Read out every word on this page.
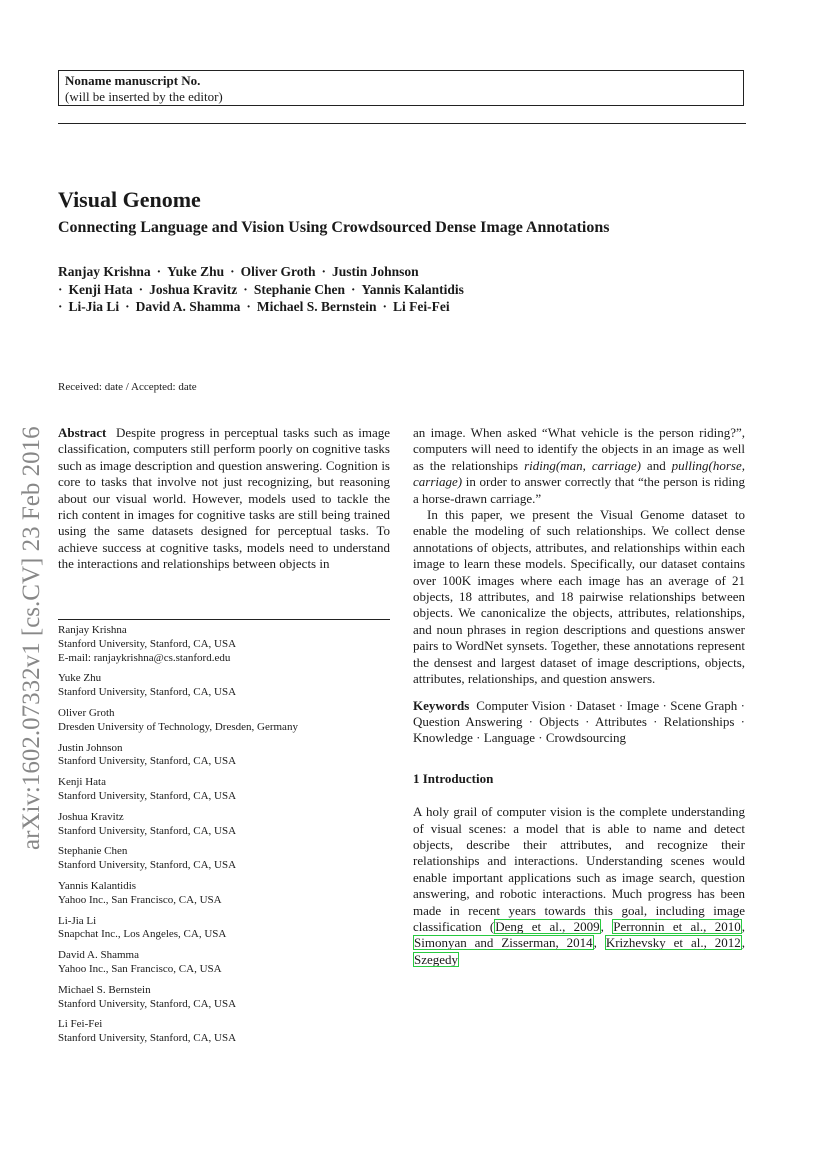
Noname manuscript No.
(will be inserted by the editor)
Visual Genome
Connecting Language and Vision Using Crowdsourced Dense Image Annotations
Ranjay Krishna · Yuke Zhu · Oliver Groth · Justin Johnson
· Kenji Hata · Joshua Kravitz · Stephanie Chen · Yannis Kalantidis
· Li-Jia Li · David A. Shamma · Michael S. Bernstein · Li Fei-Fei
arXiv:1602.07332v1 [cs.CV] 23 Feb 2016
Received: date / Accepted: date

Abstract Despite progress in perceptual tasks such as image classification, computers still perform poorly on cognitive tasks such as image description and question answering. Cognition is core to tasks that involve not just recognizing, but reasoning about our visual world. However, models used to tackle the rich content in images for cognitive tasks are still being trained using the same datasets designed for perceptual tasks. To achieve success at cognitive tasks, models need to understand the interactions and relationships between objects in

Ranjay Krishna
Stanford University, Stanford, CA, USA
E-mail: ranjaykrishna@cs.stanford.edu
Yuke Zhu
Stanford University, Stanford, CA, USA
Oliver Groth
Dresden University of Technology, Dresden, Germany
Justin Johnson
Stanford University, Stanford, CA, USA
Kenji Hata
Stanford University, Stanford, CA, USA
Joshua Kravitz
Stanford University, Stanford, CA, USA
Stephanie Chen
Stanford University, Stanford, CA, USA
Yannis Kalantidis
Yahoo Inc., San Francisco, CA, USA
Li-Jia Li
Snapchat Inc., Los Angeles, CA, USA
David A. Shamma
Yahoo Inc., San Francisco, CA, USA
Michael S. Bernstein
Stanford University, Stanford, CA, USA
Li Fei-Fei
Stanford University, Stanford, CA, USA

an image. When asked “What vehicle is the person riding?”, computers will need to identify the objects in an image as well as the relationships riding(man, carriage) and pulling(horse, carriage) in order to answer correctly that “the person is riding a horse-drawn carriage.”

In this paper, we present the Visual Genome dataset to enable the modeling of such relationships. We collect dense annotations of objects, attributes, and relationships within each image to learn these models. Specifically, our dataset contains over 100K images where each image has an average of 21 objects, 18 attributes, and 18 pairwise relationships between objects. We canonicalize the objects, attributes, relationships, and noun phrases in region descriptions and questions answer pairs to WordNet synsets. Together, these annotations represent the densest and largest dataset of image descriptions, objects, attributes, relationships, and question answers.

Keywords Computer Vision · Dataset · Image · Scene Graph · Question Answering · Objects · Attributes · Relationships · Knowledge · Language · Crowdsourcing

1 Introduction

A holy grail of computer vision is the complete understanding of visual scenes: a model that is able to name and detect objects, describe their attributes, and recognize their relationships and interactions. Understanding scenes would enable important applications such as image search, question answering, and robotic interactions. Much progress has been made in recent years towards this goal, including image classification (Deng et al., 2009, Perronnin et al., 2010, Simonyan and Zisserman, 2014, Krizhevsky et al., 2012, Szegedy
